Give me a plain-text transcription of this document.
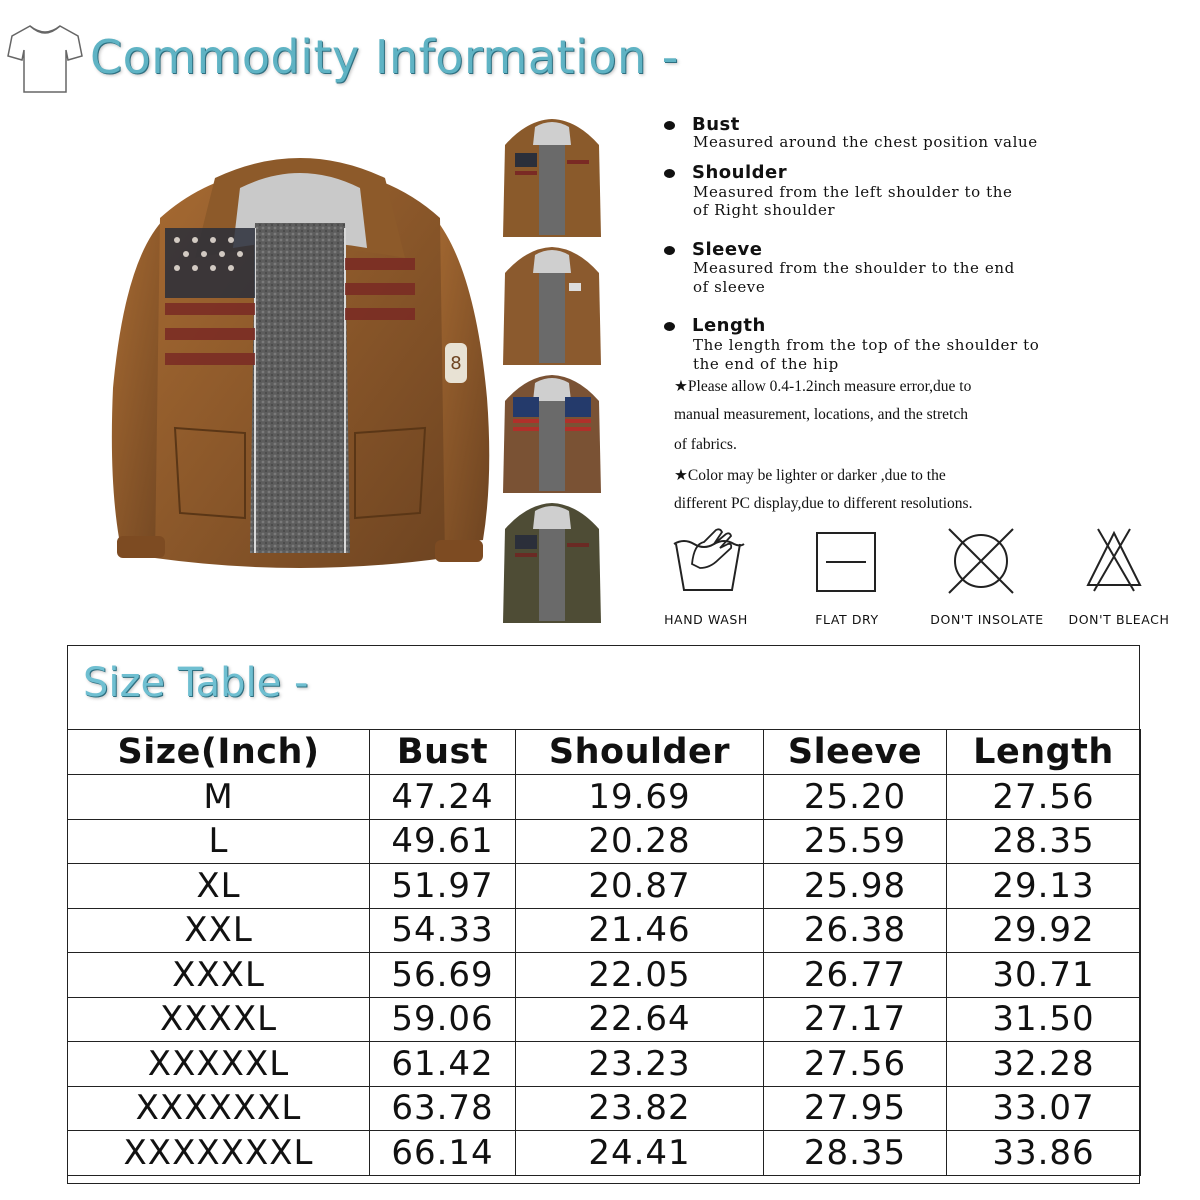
Commodity Information -
8
Bust
Measured around the chest position value
Shoulder
Measured from the left shoulder to the
of Right shoulder
Sleeve
Measured from the shoulder to the end
of sleeve
Length
The length from the top of the shoulder to
the end of the hip
★Please allow 0.4-1.2inch measure error,due to
manual measurement, locations, and the stretch
of fabrics.
★Color may be lighter or darker ,due to the
different PC display,due to different resolutions.
HAND WASH	FLAT DRY	DON'T INSOLATE	DON'T BLEACH
Size Table -
Size(Inch)	Bust	Shoulder	Sleeve	Length
M	47.24	19.69	25.20	27.56
L	49.61	20.28	25.59	28.35
XL	51.97	20.87	25.98	29.13
XXL	54.33	21.46	26.38	29.92
XXXL	56.69	22.05	26.77	30.71
XXXXL	59.06	22.64	27.17	31.50
XXXXXL	61.42	23.23	27.56	32.28
XXXXXXL	63.78	23.82	27.95	33.07
XXXXXXXL	66.14	24.41	28.35	33.86
